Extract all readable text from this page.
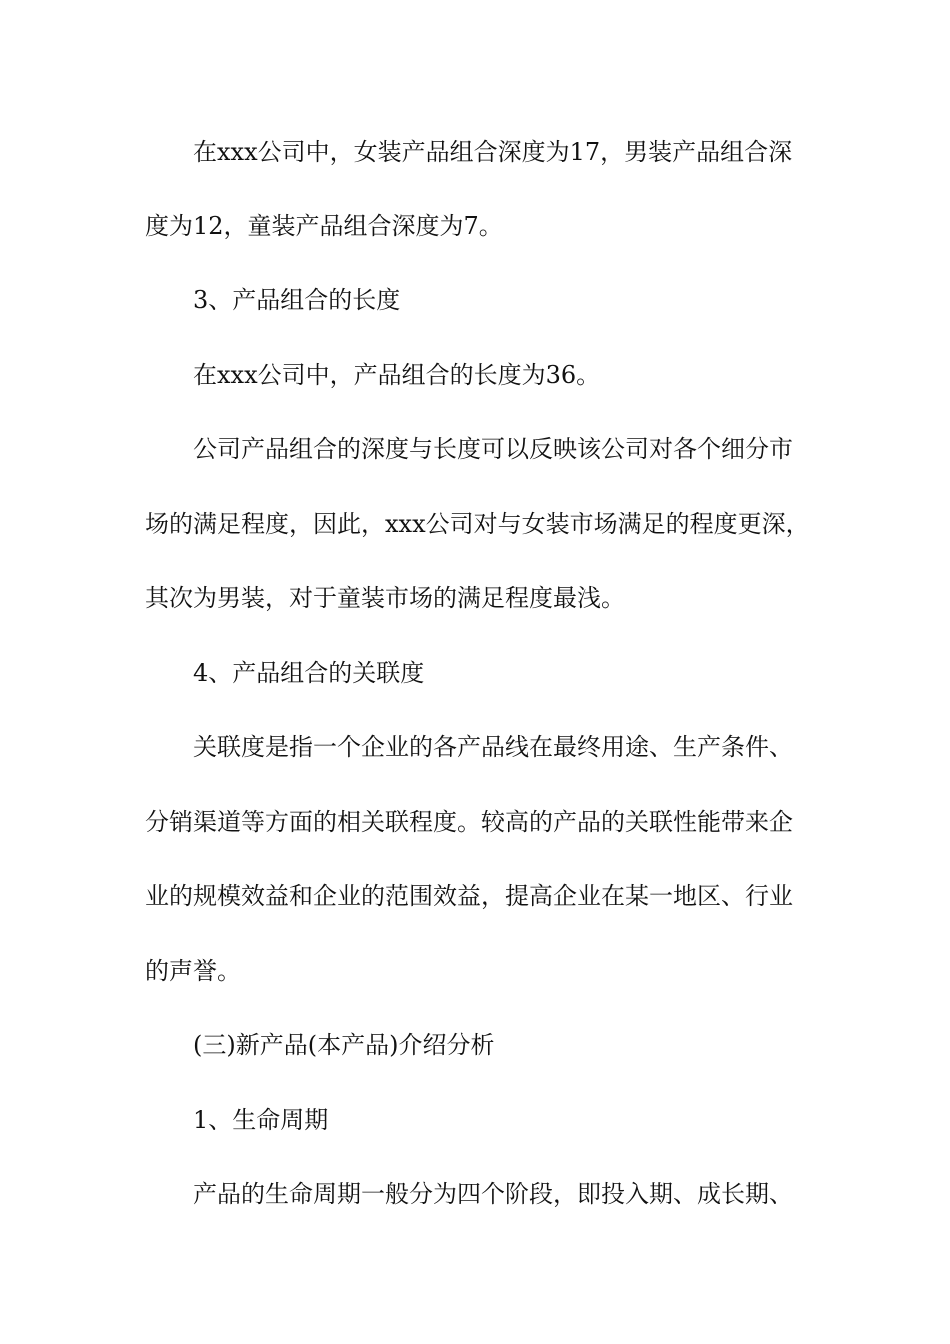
在xxx公司中，女装产品组合深度为17，男装产品组合深
度为12，童装产品组合深度为7。
3、产品组合的长度
在xxx公司中，产品组合的长度为36。
公司产品组合的深度与长度可以反映该公司对各个细分市
场的满足程度，因此，xxx公司对与女装市场满足的程度更深，
其次为男装，对于童装市场的满足程度最浅。
4、产品组合的关联度
关联度是指一个企业的各产品线在最终用途、生产条件、
分销渠道等方面的相关联程度。较高的产品的关联性能带来企
业的规模效益和企业的范围效益，提高企业在某一地区、行业
的声誉。
(三)新产品(本产品)介绍分析
1、生命周期
产品的生命周期一般分为四个阶段，即投入期、成长期、
